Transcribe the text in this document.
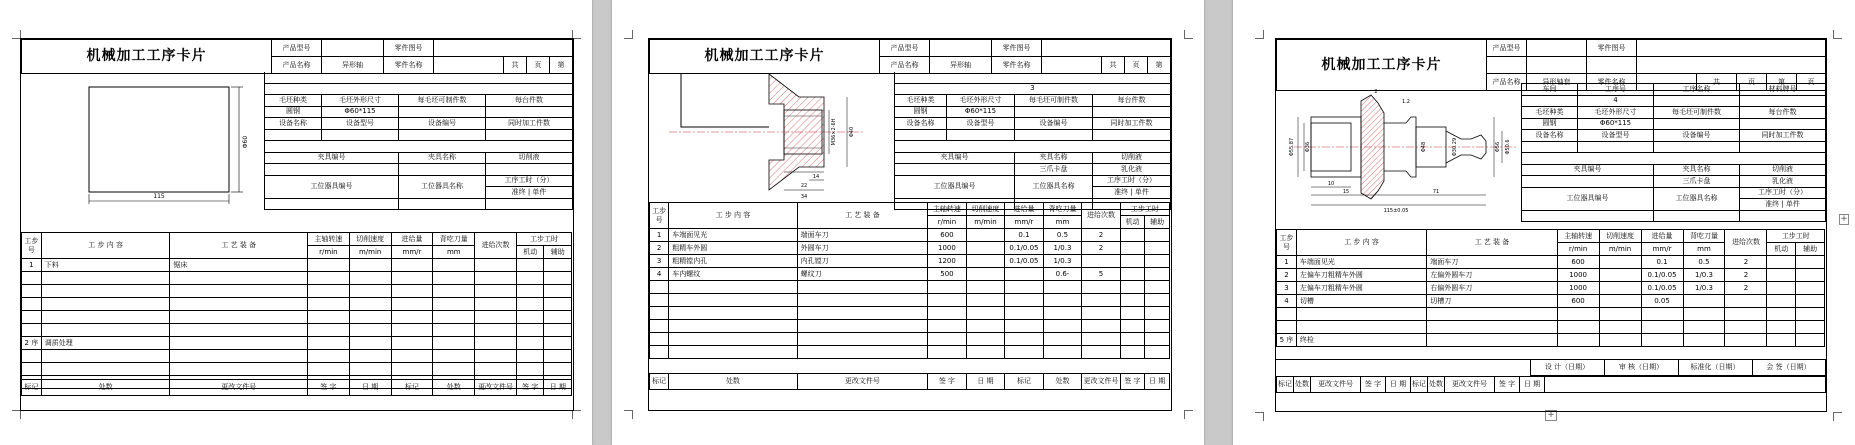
机械加工工序卡片	产品型号		零件图号				
	产品名称	异形轴	零件名称		共	页	第
115
Φ60

毛坯种类	毛坯外形尺寸	每毛坯可制件数	每台件数
圆钢	Φ60*115		
设备名称	设备型号	设备编号	同时加工件数

夹具编号		夹具名称	切削液

工位器具编号		工位器具名称	工序工时（分）
			准终 | 单件

工步号	工 步 内 容	工 艺 装 备	主轴转速	切削速度	进给量	背吃刀量	进给次数	工步工时	
			r/min	m/min	mm/r	mm		机动	辅助
1	下料	锯床							

2 序	调质处理								

标记	处数	更改文件号	签 字	日 期	标记	处数	更改文件号	签 字	日 期
机械加工工序卡片	产品型号		零件图号				
	产品名称	异形轴	零件名称		共	页	第
M36×2-6H Φ40
14
22
34

3			
毛坯种类	毛坯外形尺寸	每毛坯可制件数	每台件数
圆钢	Φ60*115		
设备名称	设备型号	设备编号	同时加工件数

夹具编号		夹具名称	切削液
		三爪卡盘	乳化液
工位器具编号		工位器具名称	工序工时（分）
			准终 | 单件

工步号	工 步 内 容	工 艺 装 备	主轴转速	切削速度	进给量	背吃刀量	进给次数	工步工时	
			r/min	m/min	mm/r	mm		机动	辅助
1	车端面见光	端面车刀	600		0.1	0.5	2		
2	粗精车外圆	外圆车刀	1000		0.1/0.05	1/0.3	2		
3	粗精镗内孔	内孔镗刀	1200		0.1/0.05	1/0.3			
4	车内螺纹	螺纹刀	500			0.6-	5		

标记	处数	更改文件号	签 字	日 期	标记	处数	更改文件号	签 字	日 期
+
+
机械加工工序卡片	产品型号		零件图号					

	产品名称	异形轴套	零件名称		共	页	第	页
Φ55.87 Φ36	Φ48
10
15	71
115±0.05
2
1.2
Φ30.29	Φ56 Φ50.6
车间	工序号	工序名称	材料牌号
	4		
毛坯种类	毛坯外形尺寸	每毛坯可制件数	每台件数
圆钢	Φ60*115		
设备名称	设备型号	设备编号	同时加工件数

夹具编号		夹具名称	切削液
		三爪卡盘	乳化液
工位器具编号		工位器具名称	工序工时（分）
			准终 | 单件

工步号	工 步 内 容	工 艺 装 备	主轴转速	切削速度	进给量	背吃刀量	进给次数	工步工时	
			r/min	m/min	mm/r	mm		机动	辅助
1	车端面见光	端面车刀	600		0.1	0.5	2		
2	左偏车刀粗精车外圆	左偏外圆车刀	1000		0.1/0.05	1/0.3	2		
3	左偏车刀粗精车外圆	右偏外圆车刀	1000		0.1/0.05	1/0.3	2		
4	切槽	切槽刀	600		0.05				

5 序	终检								
	设 计（日期）	审 核（日期）	标准化（日期）	会 签（日期）
标记	处数	更改文件号	签 字	日 期	标记	处数	更改文件号	签 字	日 期	
